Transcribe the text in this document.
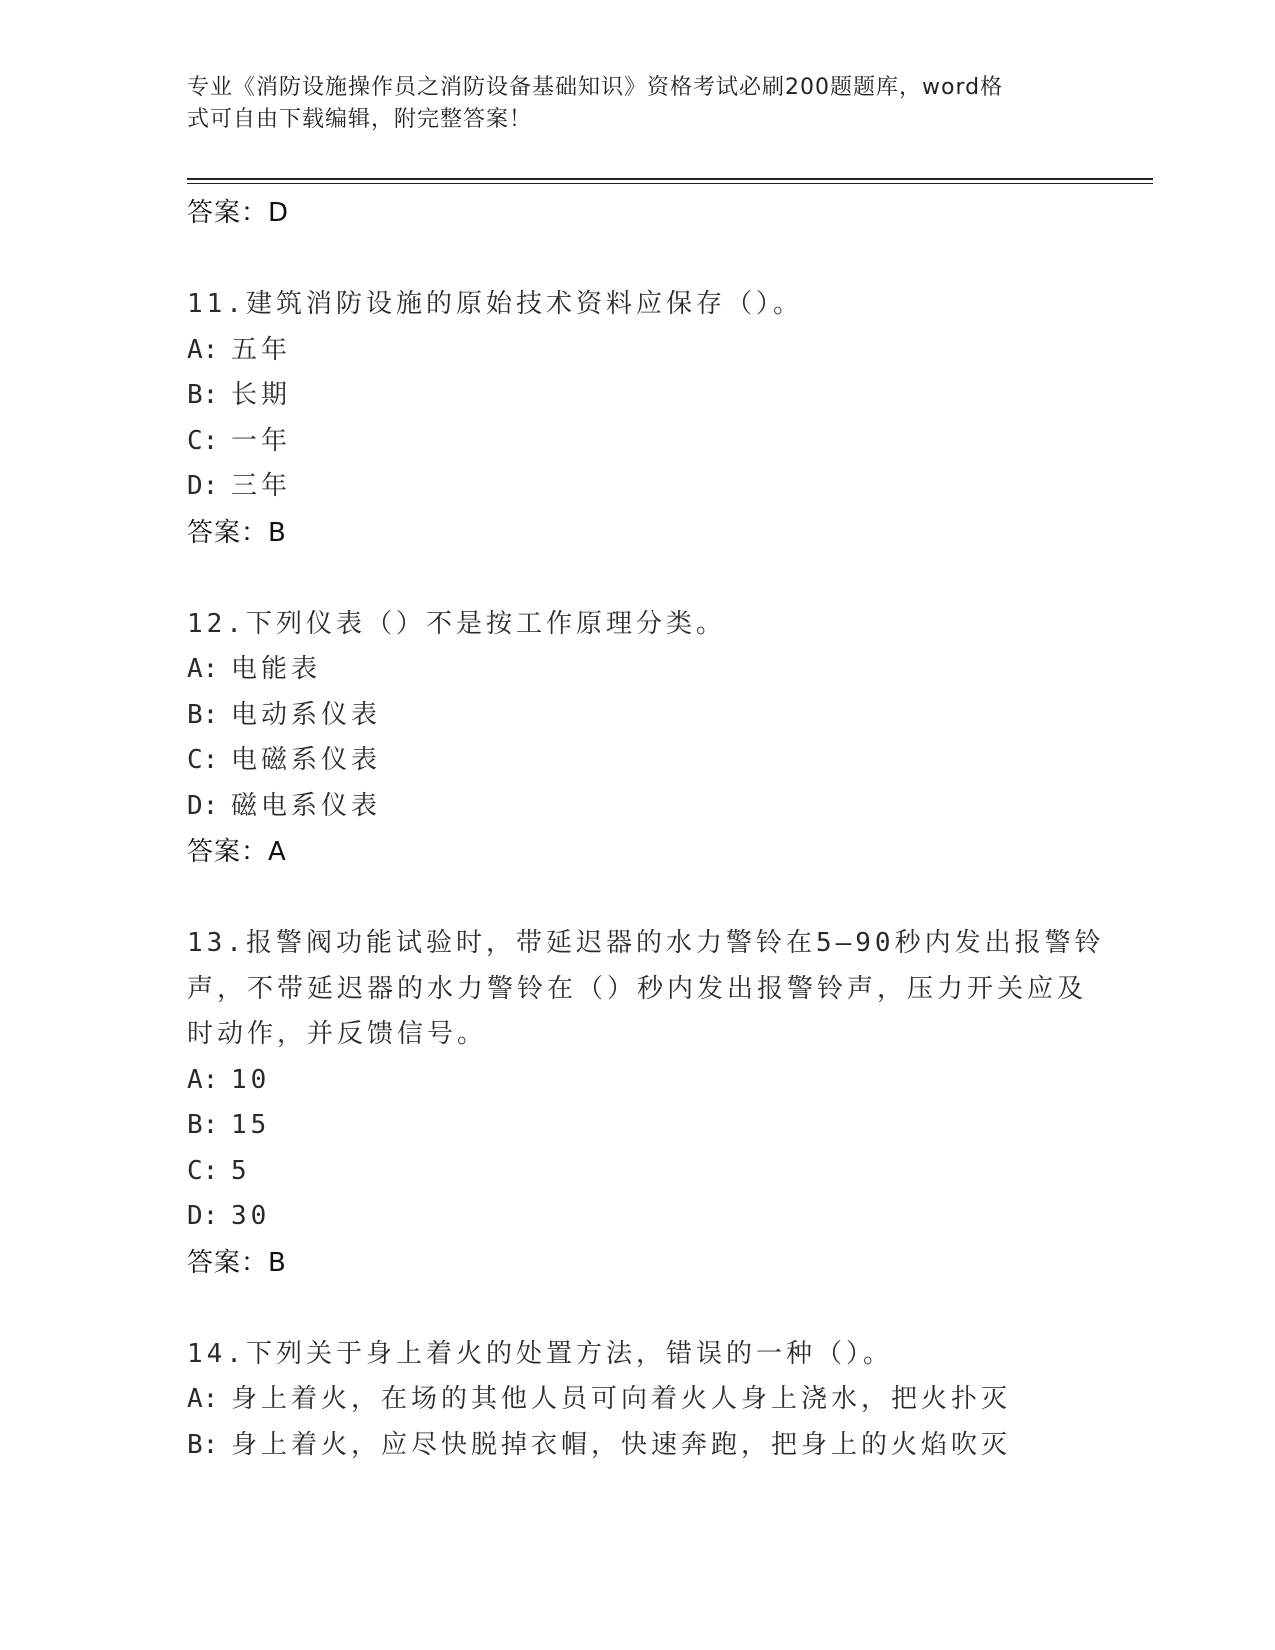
专业《消防设施操作员之消防设备基础知识》资格考试必刷200题题库，word格
式可自由下载编辑，附完整答案！
答案：D
11.建筑消防设施的原始技术资料应保存（）。
A: 五年
B: 长期
C: 一年
D: 三年
答案：B
12.下列仪表（）不是按工作原理分类。
A: 电能表
B: 电动系仪表
C: 电磁系仪表
D: 磁电系仪表
答案：A
13.报警阀功能试验时，带延迟器的水力警铃在5—90秒内发出报警铃
声，不带延迟器的水力警铃在（）秒内发出报警铃声，压力开关应及
时动作，并反馈信号。
A: 10
B: 15
C: 5
D: 30
答案：B
14.下列关于身上着火的处置方法，错误的一种（）。
A: 身上着火，在场的其他人员可向着火人身上浇水，把火扑灭
B: 身上着火，应尽快脱掉衣帽，快速奔跑，把身上的火焰吹灭
